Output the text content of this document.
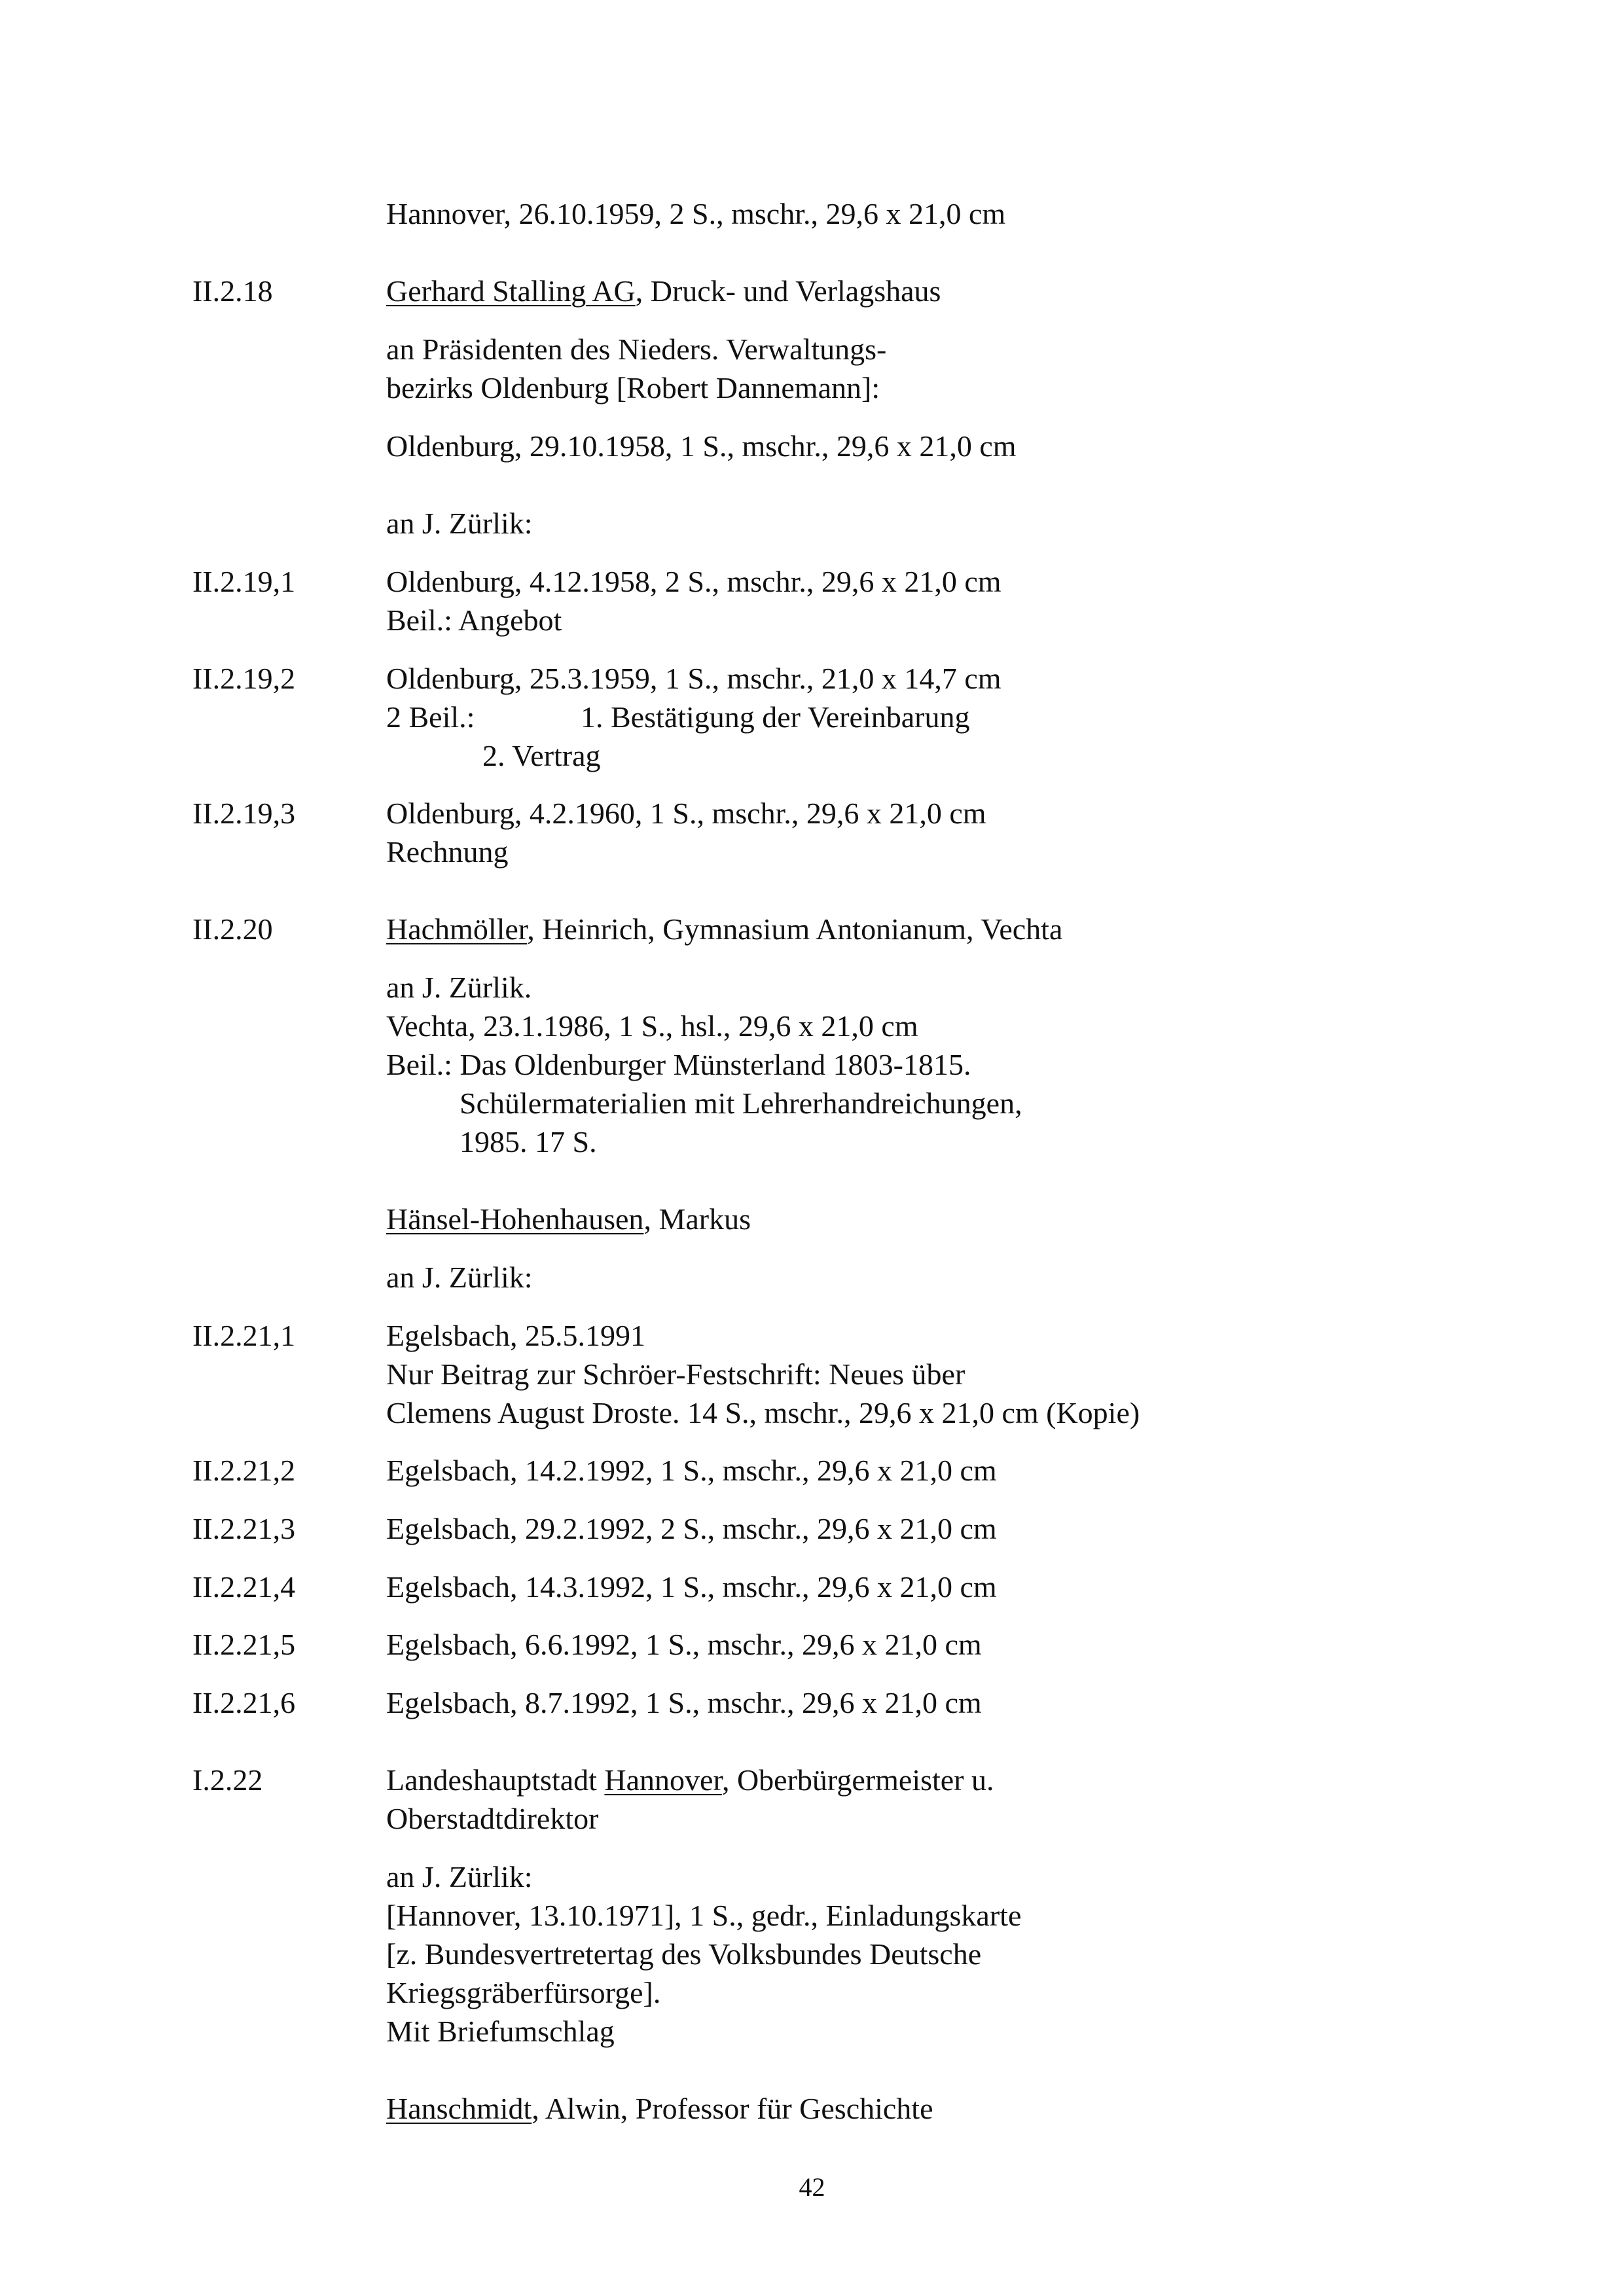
Hannover, 26.10.1959, 2 S., mschr., 29,6 x 21,0 cm
II.2.18	Gerhard Stalling AG, Druck- und Verlagshaus
an Präsidenten des Nieders. Verwaltungs-
bezirks Oldenburg [Robert Dannemann]:
Oldenburg, 29.10.1958, 1 S., mschr., 29,6 x 21,0 cm
an J. Zürlik:
II.2.19,1	Oldenburg, 4.12.1958, 2 S., mschr., 29,6 x 21,0 cm
Beil.: Angebot
II.2.19,2	Oldenburg, 25.3.1959, 1 S., mschr., 21,0 x 14,7 cm
2 Beil.:	1. Bestätigung der Vereinbarung
2. Vertrag
II.2.19,3	Oldenburg, 4.2.1960, 1 S., mschr., 29,6 x 21,0 cm
Rechnung
II.2.20	Hachmöller, Heinrich, Gymnasium Antonianum, Vechta
an J. Zürlik.
Vechta, 23.1.1986, 1 S., hsl., 29,6 x 21,0 cm
Beil.: Das Oldenburger Münsterland 1803-1815.
Schülermaterialien mit Lehrerhandreichungen,
1985. 17 S.
Hänsel-Hohenhausen, Markus
an J. Zürlik:
II.2.21,1	Egelsbach, 25.5.1991
Nur Beitrag zur Schröer-Festschrift: Neues über
Clemens August Droste. 14 S., mschr., 29,6 x 21,0 cm (Kopie)
II.2.21,2	Egelsbach, 14.2.1992, 1 S., mschr., 29,6 x 21,0 cm
II.2.21,3	Egelsbach, 29.2.1992, 2 S., mschr., 29,6 x 21,0 cm
II.2.21,4	Egelsbach, 14.3.1992, 1 S., mschr., 29,6 x 21,0 cm
II.2.21,5	Egelsbach, 6.6.1992, 1 S., mschr., 29,6 x 21,0 cm
II.2.21,6	Egelsbach, 8.7.1992, 1 S., mschr., 29,6 x 21,0 cm
I.2.22	Landeshauptstadt Hannover, Oberbürgermeister u.
Oberstadtdirektor
an J. Zürlik:
[Hannover, 13.10.1971], 1 S., gedr., Einladungskarte
[z. Bundesvertretertag des Volksbundes Deutsche
Kriegsgräberfürsorge].
Mit Briefumschlag
Hanschmidt, Alwin, Professor für Geschichte
42
